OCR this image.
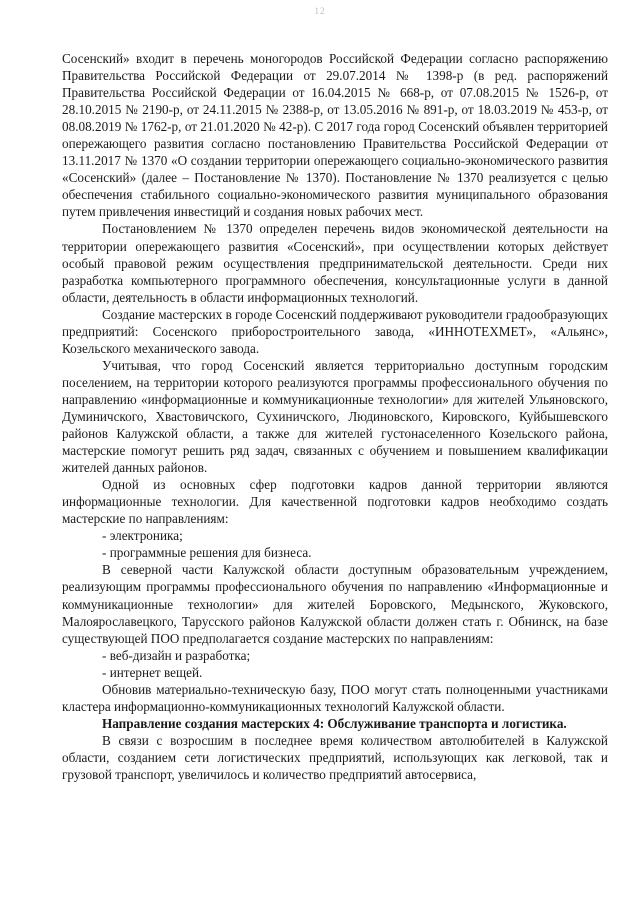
12

Сосенский» входит в перечень моногородов Российской Федерации согласно распоряжению Правительства Российской Федерации от 29.07.2014 № 1398-р (в ред. распоряжений Правительства Российской Федерации от 16.04.2015 № 668-р, от 07.08.2015 № 1526-р, от 28.10.2015 № 2190-р, от 24.11.2015 № 2388-р, от 13.05.2016 № 891-р, от 18.03.2019 № 453-р, от 08.08.2019 № 1762-р, от 21.01.2020 № 42-р). С 2017 года город Сосенский объявлен территорией опережающего развития согласно постановлению Правительства Российской Федерации от 13.11.2017 № 1370 «О создании территории опережающего социально-экономического развития «Сосенский» (далее – Постановление № 1370). Постановление № 1370 реализуется с целью обеспечения стабильного социально-экономического развития муниципального образования путем привлечения инвестиций и создания новых рабочих мест.

Постановлением № 1370 определен перечень видов экономической деятельности на территории опережающего развития «Сосенский», при осуществлении которых действует особый правовой режим осуществления предпринимательской деятельности. Среди них разработка компьютерного программного обеспечения, консультационные услуги в данной области, деятельность в области информационных технологий.

Создание мастерских в городе Сосенский поддерживают руководители градообразующих предприятий: Сосенского приборостроительного завода, «ИННОТЕХМЕТ», «Альянс», Козельского механического завода.

Учитывая, что город Сосенский является территориально доступным городским поселением, на территории которого реализуются программы профессионального обучения по направлению «информационные и коммуникационные технологии» для жителей Ульяновского, Думиничского, Хвастовичского, Сухиничского, Людиновского, Кировского, Куйбышевского районов Калужской области, а также для жителей густонаселенного Козельского района, мастерские помогут решить ряд задач, связанных с обучением и повышением квалификации жителей данных районов.

Одной из основных сфер подготовки кадров данной территории являются информационные технологии. Для качественной подготовки кадров необходимо создать мастерские по направлениям:

- электроника;

- программные решения для бизнеса.

В северной части Калужской области доступным образовательным учреждением, реализующим программы профессионального обучения по направлению «Информационные и коммуникационные технологии» для жителей Боровского, Медынского, Жуковского, Малоярославецкого, Тарусского районов Калужской области должен стать г. Обнинск, на базе существующей ПОО предполагается создание мастерских по направлениям:

- веб-дизайн и разработка;

- интернет вещей.

Обновив материально-техническую базу, ПОО могут стать полноценными участниками кластера информационно-коммуникационных технологий Калужской области.

Направление создания мастерских 4: Обслуживание транспорта и логистика.

В связи с возросшим в последнее время количеством автолюбителей в Калужской области, созданием сети логистических предприятий, использующих как легковой, так и грузовой транспорт, увеличилось и количество предприятий автосервиса,
